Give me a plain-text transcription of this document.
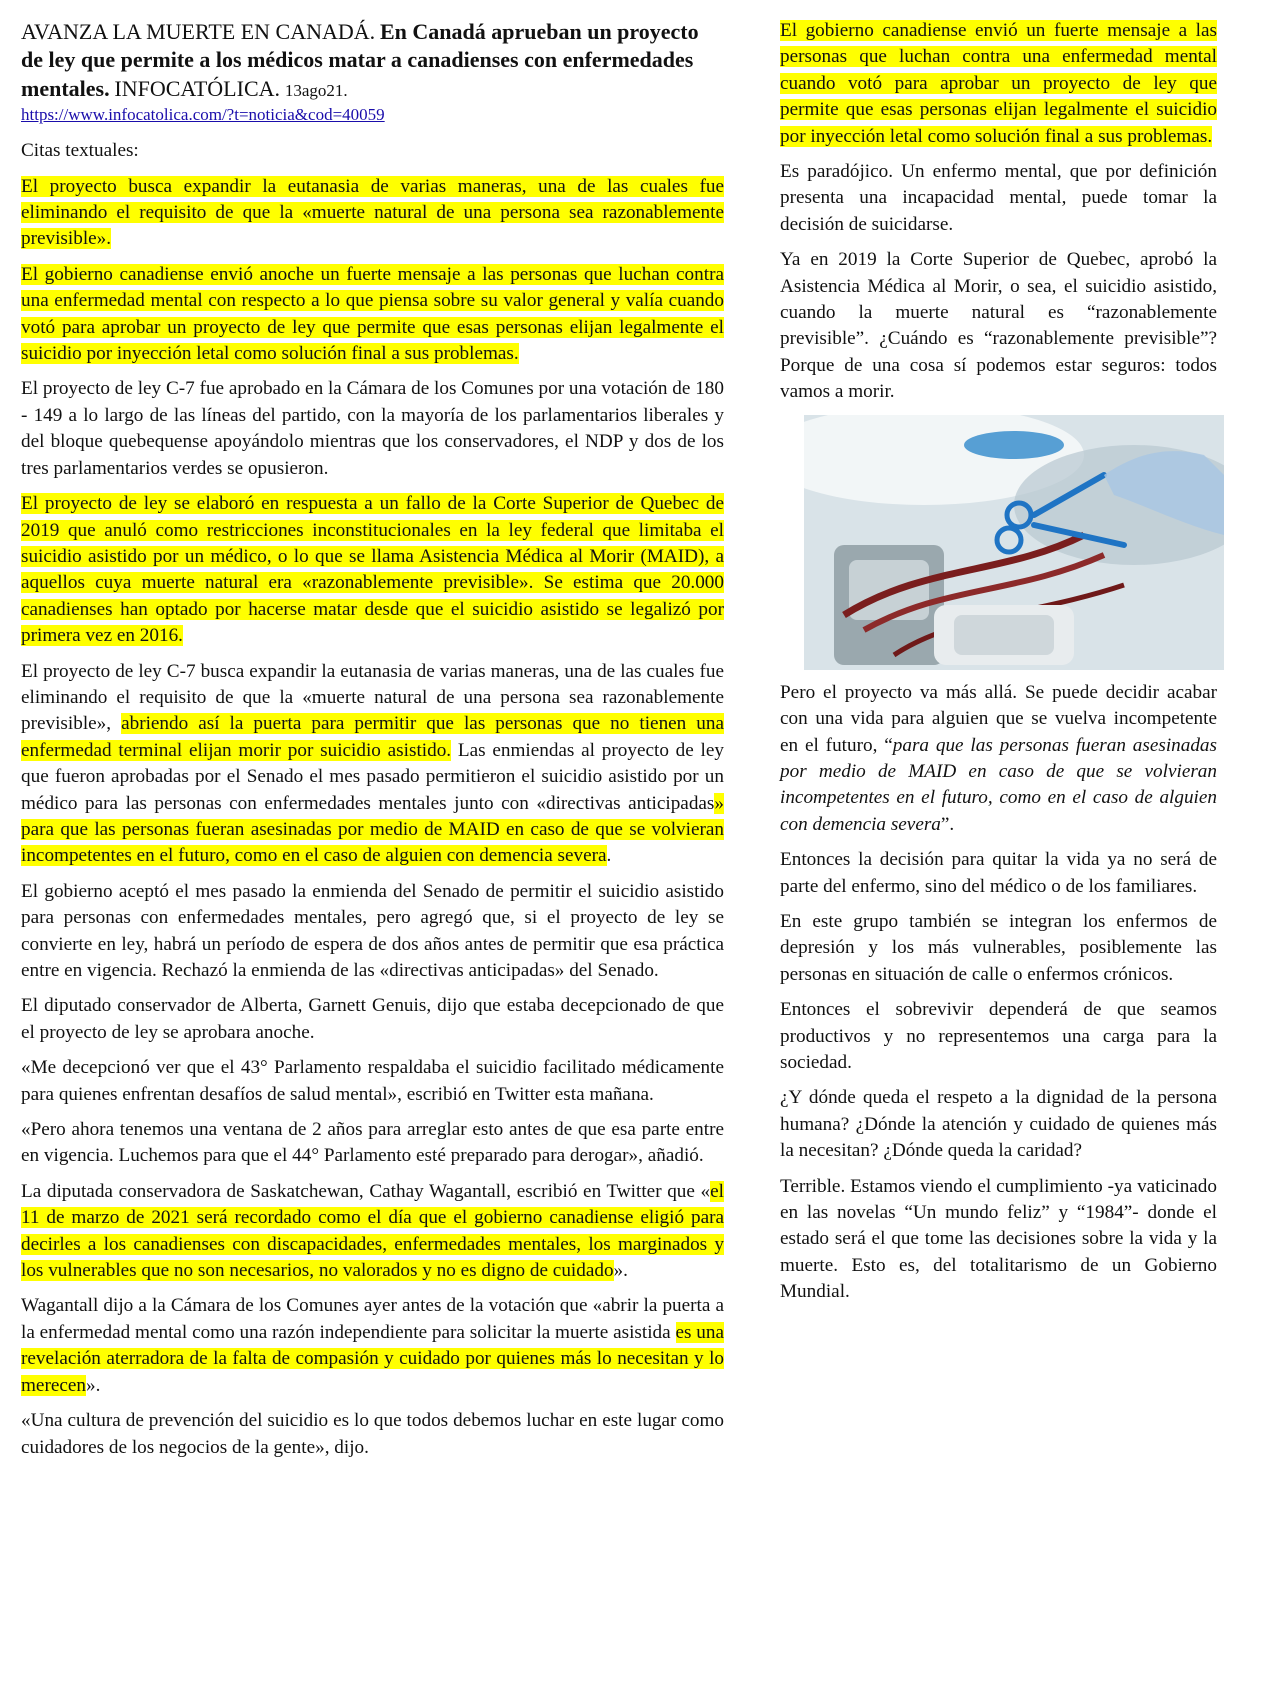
AVANZA LA MUERTE EN CANADÁ. En Canadá aprueban un proyecto de ley que permite a los médicos matar a canadienses con enfermedades mentales. INFOCATÓLICA. 13ago21.

https://www.infocatolica.com/?t=noticia&cod=40059

Citas textuales:

El proyecto busca expandir la eutanasia de varias maneras, una de las cuales fue eliminando el requisito de que la «muerte natural de una persona sea razonablemente previsible».

El gobierno canadiense envió anoche un fuerte mensaje a las personas que luchan contra una enfermedad mental con respecto a lo que piensa sobre su valor general y valía cuando votó para aprobar un proyecto de ley que permite que esas personas elijan legalmente el suicidio por inyección letal como solución final a sus problemas.

El proyecto de ley C-7 fue aprobado en la Cámara de los Comunes por una votación de 180 - 149 a lo largo de las líneas del partido, con la mayoría de los parlamentarios liberales y del bloque quebequense apoyándolo mientras que los conservadores, el NDP y dos de los tres parlamentarios verdes se opusieron.

El proyecto de ley se elaboró en respuesta a un fallo de la Corte Superior de Quebec de 2019 que anuló como restricciones inconstitucionales en la ley federal que limitaba el suicidio asistido por un médico, o lo que se llama Asistencia Médica al Morir (MAID), a aquellos cuya muerte natural era «razonablemente previsible». Se estima que 20.000 canadienses han optado por hacerse matar desde que el suicidio asistido se legalizó por primera vez en 2016.

El proyecto de ley C-7 busca expandir la eutanasia de varias maneras, una de las cuales fue eliminando el requisito de que la «muerte natural de una persona sea razonablemente previsible», abriendo así la puerta para permitir que las personas que no tienen una enfermedad terminal elijan morir por suicidio asistido. Las enmiendas al proyecto de ley que fueron aprobadas por el Senado el mes pasado permitieron el suicidio asistido por un médico para las personas con enfermedades mentales junto con «directivas anticipadas» para que las personas fueran asesinadas por medio de MAID en caso de que se volvieran incompetentes en el futuro, como en el caso de alguien con demencia severa.

El gobierno aceptó el mes pasado la enmienda del Senado de permitir el suicidio asistido para personas con enfermedades mentales, pero agregó que, si el proyecto de ley se convierte en ley, habrá un período de espera de dos años antes de permitir que esa práctica entre en vigencia. Rechazó la enmienda de las «directivas anticipadas» del Senado.

El diputado conservador de Alberta, Garnett Genuis, dijo que estaba decepcionado de que el proyecto de ley se aprobara anoche.

«Me decepcionó ver que el 43° Parlamento respaldaba el suicidio facilitado médicamente para quienes enfrentan desafíos de salud mental», escribió en Twitter esta mañana.

«Pero ahora tenemos una ventana de 2 años para arreglar esto antes de que esa parte entre en vigencia. Luchemos para que el 44° Parlamento esté preparado para derogar», añadió.

La diputada conservadora de Saskatchewan, Cathay Wagantall, escribió en Twitter que «el 11 de marzo de 2021 será recordado como el día que el gobierno canadiense eligió para decirles a los canadienses con discapacidades, enfermedades mentales, los marginados y los vulnerables que no son necesarios, no valorados y no es digno de cuidado».

Wagantall dijo a la Cámara de los Comunes ayer antes de la votación que «abrir la puerta a la enfermedad mental como una razón independiente para solicitar la muerte asistida es una revelación aterradora de la falta de compasión y cuidado por quienes más lo necesitan y lo merecen».

«Una cultura de prevención del suicidio es lo que todos debemos luchar en este lugar como cuidadores de los negocios de la gente», dijo.

El gobierno canadiense envió un fuerte mensaje a las personas que luchan contra una enfermedad mental cuando votó para aprobar un proyecto de ley que permite que esas personas elijan legalmente el suicidio por inyección letal como solución final a sus problemas.

Es paradójico. Un enfermo mental, que por definición presenta una incapacidad mental, puede tomar la decisión de suicidarse.

Ya en 2019 la Corte Superior de Quebec, aprobó la Asistencia Médica al Morir, o sea, el suicidio asistido, cuando la muerte natural es “razonablemente previsible”. ¿Cuándo es “razonablemente previsible”? Porque de una cosa sí podemos estar seguros: todos vamos a morir.

Pero el proyecto va más allá. Se puede decidir acabar con una vida para alguien que se vuelva incompetente en el futuro, “para que las personas fueran asesinadas por medio de MAID en caso de que se volvieran incompetentes en el futuro, como en el caso de alguien con demencia severa”.

Entonces la decisión para quitar la vida ya no será de parte del enfermo, sino del médico o de los familiares.

En este grupo también se integran los enfermos de depresión y los más vulnerables, posiblemente las personas en situación de calle o enfermos crónicos.

Entonces el sobrevivir dependerá de que seamos productivos y no representemos una carga para la sociedad.

¿Y dónde queda el respeto a la dignidad de la persona humana? ¿Dónde la atención y cuidado de quienes más la necesitan? ¿Dónde queda la caridad?

Terrible. Estamos viendo el cumplimiento -ya vaticinado en las novelas “Un mundo feliz” y “1984”- donde el estado será el que tome las decisiones sobre la vida y la muerte. Esto es, del totalitarismo de un Gobierno Mundial.
